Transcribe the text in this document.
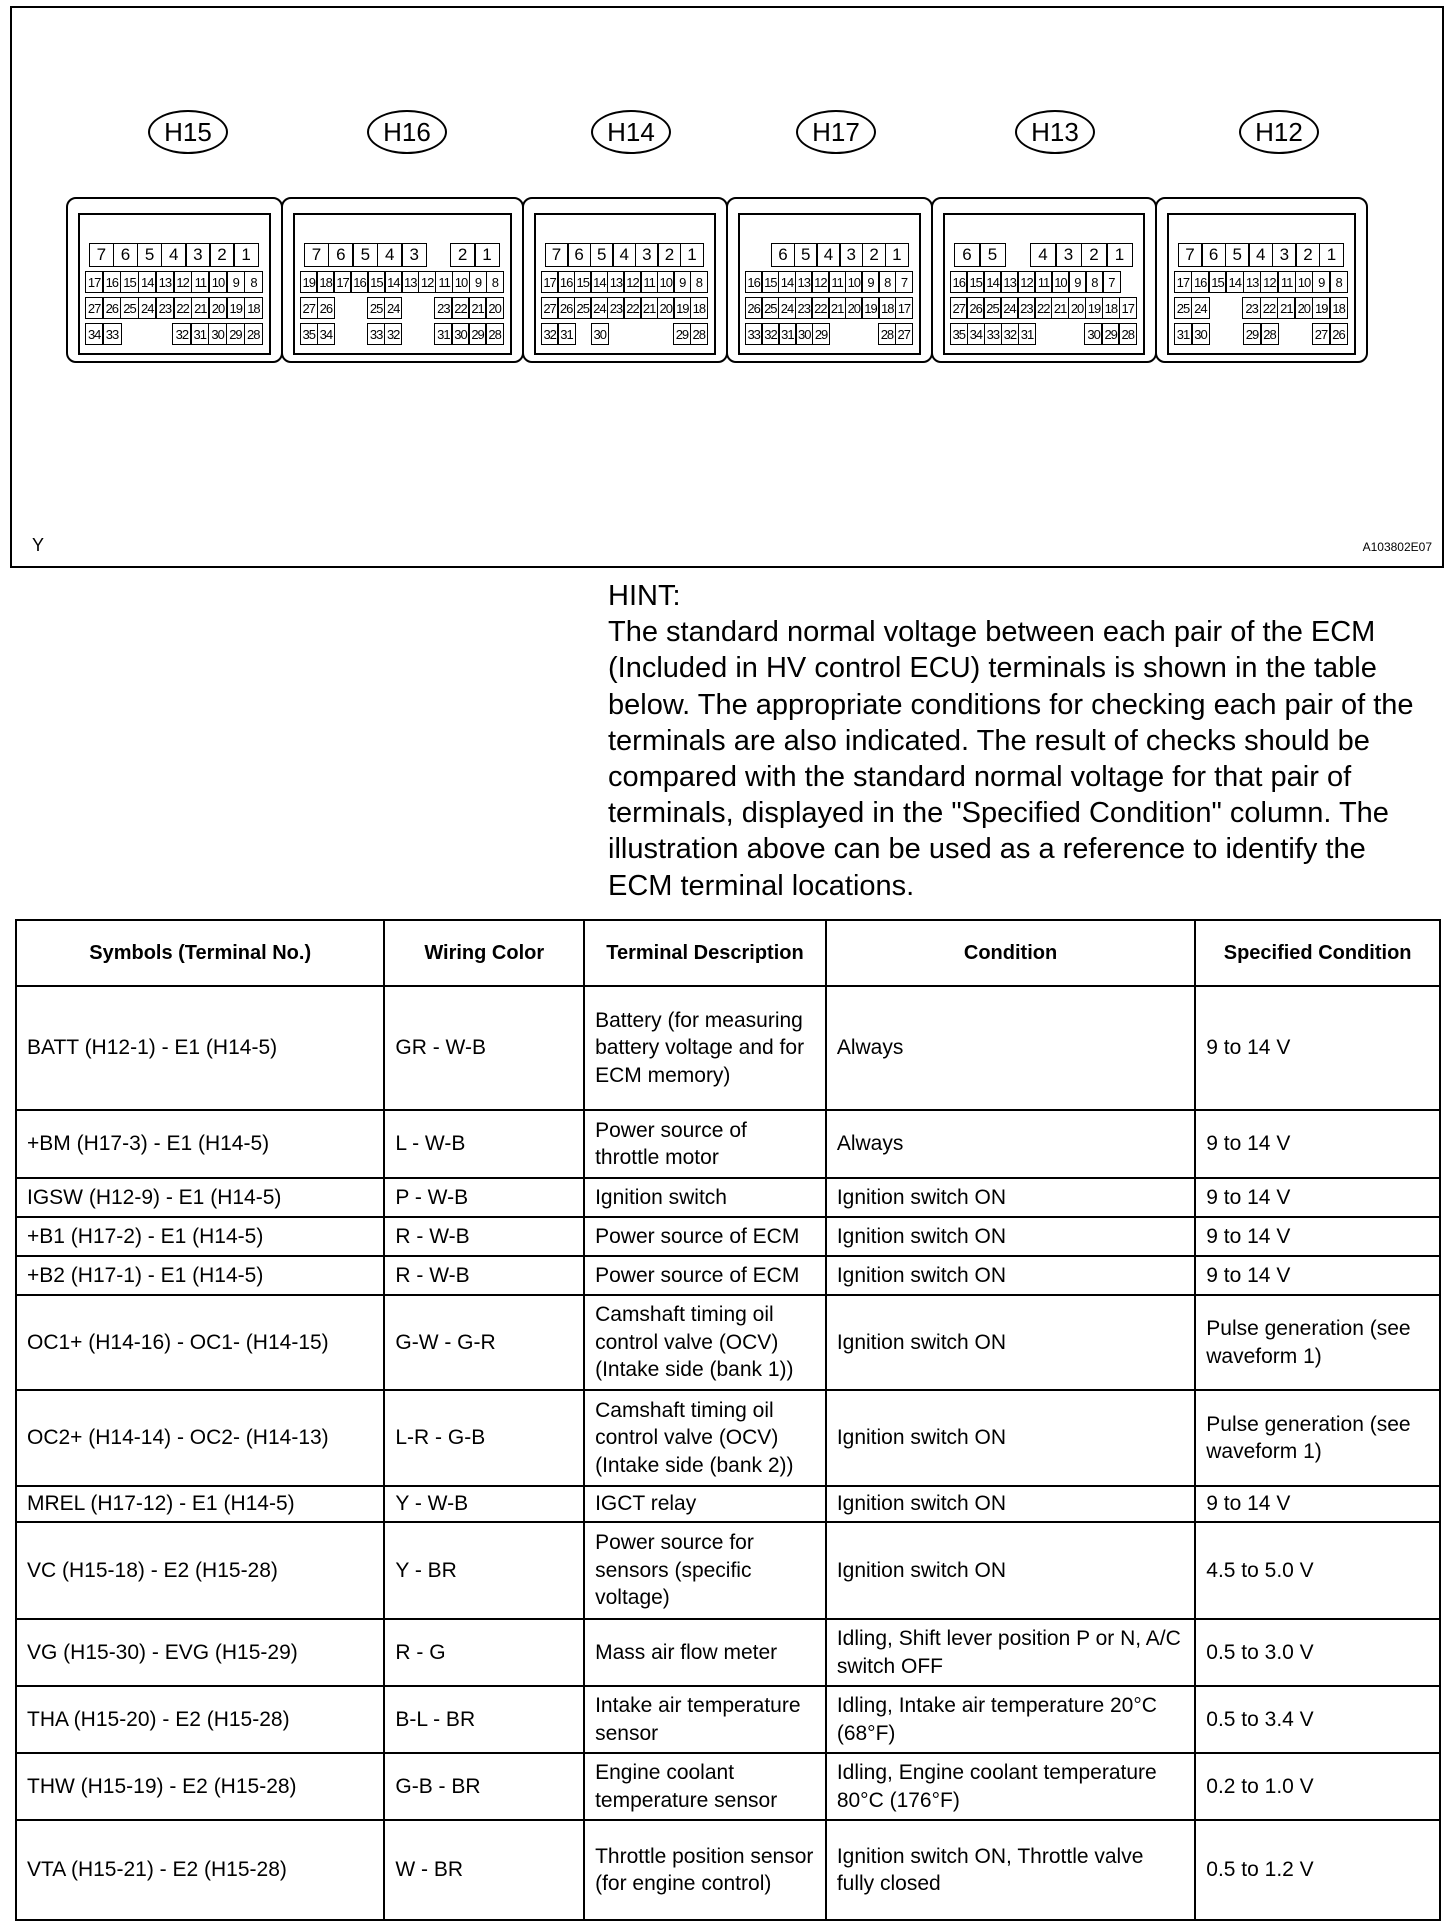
H15	H16	H14	H17	H13	H12
7 6 5 4 3 2 1
17 16 15 14 13 12 11 10 9 8
27 26 25 24 23 22 21 20 19 18
34 33	32 31 30 29 28
7 6 5 4 3	2 1
19 18 17 16 15 14 13 12 11 10 9 8
27 26	25 24	23 22 21 20
35 34	33 32	31 30 29 28
7 6 5 4 3 2 1
17 16 15 14 13 12 11 10 9 8
27 26 25 24 23 22 21 20 19 18
32 31 30	29 28
6 5 4 3 2 1
16 15 14 13 12 11 10 9 8 7
26 25 24 23 22 21 20 19 18 17
33 32 31 30 29	28 27
6 5	4 3 2 1
16 15 14 13 12 11 10 9 8 7
27 26 25 24 23 22 21 20 19 18 17
35 34 33 32 31	30 29 28
7 6 5 4 3 2 1
17 16 15 14 13 12 11 10 9 8
25 24	23 22 21 20 19 18
31 30	29 28	27 26
Y	A103802E07
HINT:
The standard normal voltage between each pair of the ECM (Included in HV control ECU) terminals is shown in the table below. The appropriate conditions for checking each pair of the terminals are also indicated. The result of checks should be compared with the standard normal voltage for that pair of terminals, displayed in the "Specified Condition" column. The illustration above can be used as a reference to identify the ECM terminal locations.
Symbols (Terminal No.)	Wiring Color	Terminal Description	Condition	Specified Condition
BATT (H12-1) - E1 (H14-5)	GR - W-B	Battery (for measuring battery voltage and for ECM memory)	Always	9 to 14 V
+BM (H17-3) - E1 (H14-5)	L - W-B	Power source of throttle motor	Always	9 to 14 V
IGSW (H12-9) - E1 (H14-5)	P - W-B	Ignition switch	Ignition switch ON	9 to 14 V
+B1 (H17-2) - E1 (H14-5)	R - W-B	Power source of ECM	Ignition switch ON	9 to 14 V
+B2 (H17-1) - E1 (H14-5)	R - W-B	Power source of ECM	Ignition switch ON	9 to 14 V
OC1+ (H14-16) - OC1- (H14-15)	G-W - G-R	Camshaft timing oil control valve (OCV) (Intake side (bank 1))	Ignition switch ON	Pulse generation (see waveform 1)
OC2+ (H14-14) - OC2- (H14-13)	L-R - G-B	Camshaft timing oil control valve (OCV) (Intake side (bank 2))	Ignition switch ON	Pulse generation (see waveform 1)
MREL (H17-12) - E1 (H14-5)	Y - W-B	IGCT relay	Ignition switch ON	9 to 14 V
VC (H15-18) - E2 (H15-28)	Y - BR	Power source for sensors (specific voltage)	Ignition switch ON	4.5 to 5.0 V
VG (H15-30) - EVG (H15-29)	R - G	Mass air flow meter	Idling, Shift lever position P or N, A/C switch OFF	0.5 to 3.0 V
THA (H15-20) - E2 (H15-28)	B-L - BR	Intake air temperature sensor	Idling, Intake air temperature 20°C (68°F)	0.5 to 3.4 V
THW (H15-19) - E2 (H15-28)	G-B - BR	Engine coolant temperature sensor	Idling, Engine coolant temperature 80°C (176°F)	0.2 to 1.0 V
VTA (H15-21) - E2 (H15-28)	W - BR	Throttle position sensor (for engine control)	Ignition switch ON, Throttle valve fully closed	0.5 to 1.2 V
